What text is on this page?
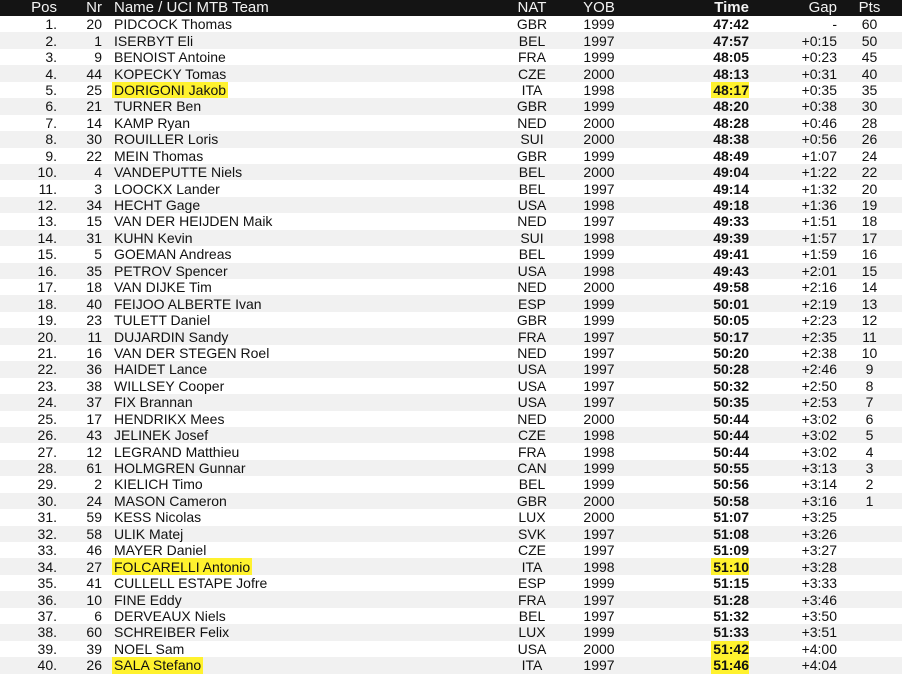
Pos	Nr	Name / UCI MTB Team	NAT	YOB	Time	Gap	Pts
1.	20	PIDCOCK Thomas	GBR	1999	47:42	-	60
2.	1	ISERBYT Eli	BEL	1997	47:57	+0:15	50
3.	9	BENOIST Antoine	FRA	1999	48:05	+0:23	45
4.	44	KOPECKY Tomas	CZE	2000	48:13	+0:31	40
5.	25	DORIGONI Jakob	ITA	1998	48:17	+0:35	35
6.	21	TURNER Ben	GBR	1999	48:20	+0:38	30
7.	14	KAMP Ryan	NED	2000	48:28	+0:46	28
8.	30	ROUILLER Loris	SUI	2000	48:38	+0:56	26
9.	22	MEIN Thomas	GBR	1999	48:49	+1:07	24
10.	4	VANDEPUTTE Niels	BEL	2000	49:04	+1:22	22
11.	3	LOOCKX Lander	BEL	1997	49:14	+1:32	20
12.	34	HECHT Gage	USA	1998	49:18	+1:36	19
13.	15	VAN DER HEIJDEN Maik	NED	1997	49:33	+1:51	18
14.	31	KUHN Kevin	SUI	1998	49:39	+1:57	17
15.	5	GOEMAN Andreas	BEL	1999	49:41	+1:59	16
16.	35	PETROV Spencer	USA	1998	49:43	+2:01	15
17.	18	VAN DIJKE Tim	NED	2000	49:58	+2:16	14
18.	40	FEIJOO ALBERTE Ivan	ESP	1999	50:01	+2:19	13
19.	23	TULETT Daniel	GBR	1999	50:05	+2:23	12
20.	11	DUJARDIN Sandy	FRA	1997	50:17	+2:35	11
21.	16	VAN DER STEGEN Roel	NED	1997	50:20	+2:38	10
22.	36	HAIDET Lance	USA	1997	50:28	+2:46	9
23.	38	WILLSEY Cooper	USA	1997	50:32	+2:50	8
24.	37	FIX Brannan	USA	1997	50:35	+2:53	7
25.	17	HENDRIKX Mees	NED	2000	50:44	+3:02	6
26.	43	JELINEK Josef	CZE	1998	50:44	+3:02	5
27.	12	LEGRAND Matthieu	FRA	1998	50:44	+3:02	4
28.	61	HOLMGREN Gunnar	CAN	1999	50:55	+3:13	3
29.	2	KIELICH Timo	BEL	1999	50:56	+3:14	2
30.	24	MASON Cameron	GBR	2000	50:58	+3:16	1
31.	59	KESS Nicolas	LUX	2000	51:07	+3:25	
32.	58	ULIK Matej	SVK	1997	51:08	+3:26	
33.	46	MAYER Daniel	CZE	1997	51:09	+3:27	
34.	27	FOLCARELLI Antonio	ITA	1998	51:10	+3:28	
35.	41	CULLELL ESTAPE Jofre	ESP	1999	51:15	+3:33	
36.	10	FINE Eddy	FRA	1997	51:28	+3:46	
37.	6	DERVEAUX Niels	BEL	1997	51:32	+3:50	
38.	60	SCHREIBER Felix	LUX	1999	51:33	+3:51	
39.	39	NOEL Sam	USA	2000	51:42	+4:00	
40.	26	SALA Stefano	ITA	1997	51:46	+4:04	
